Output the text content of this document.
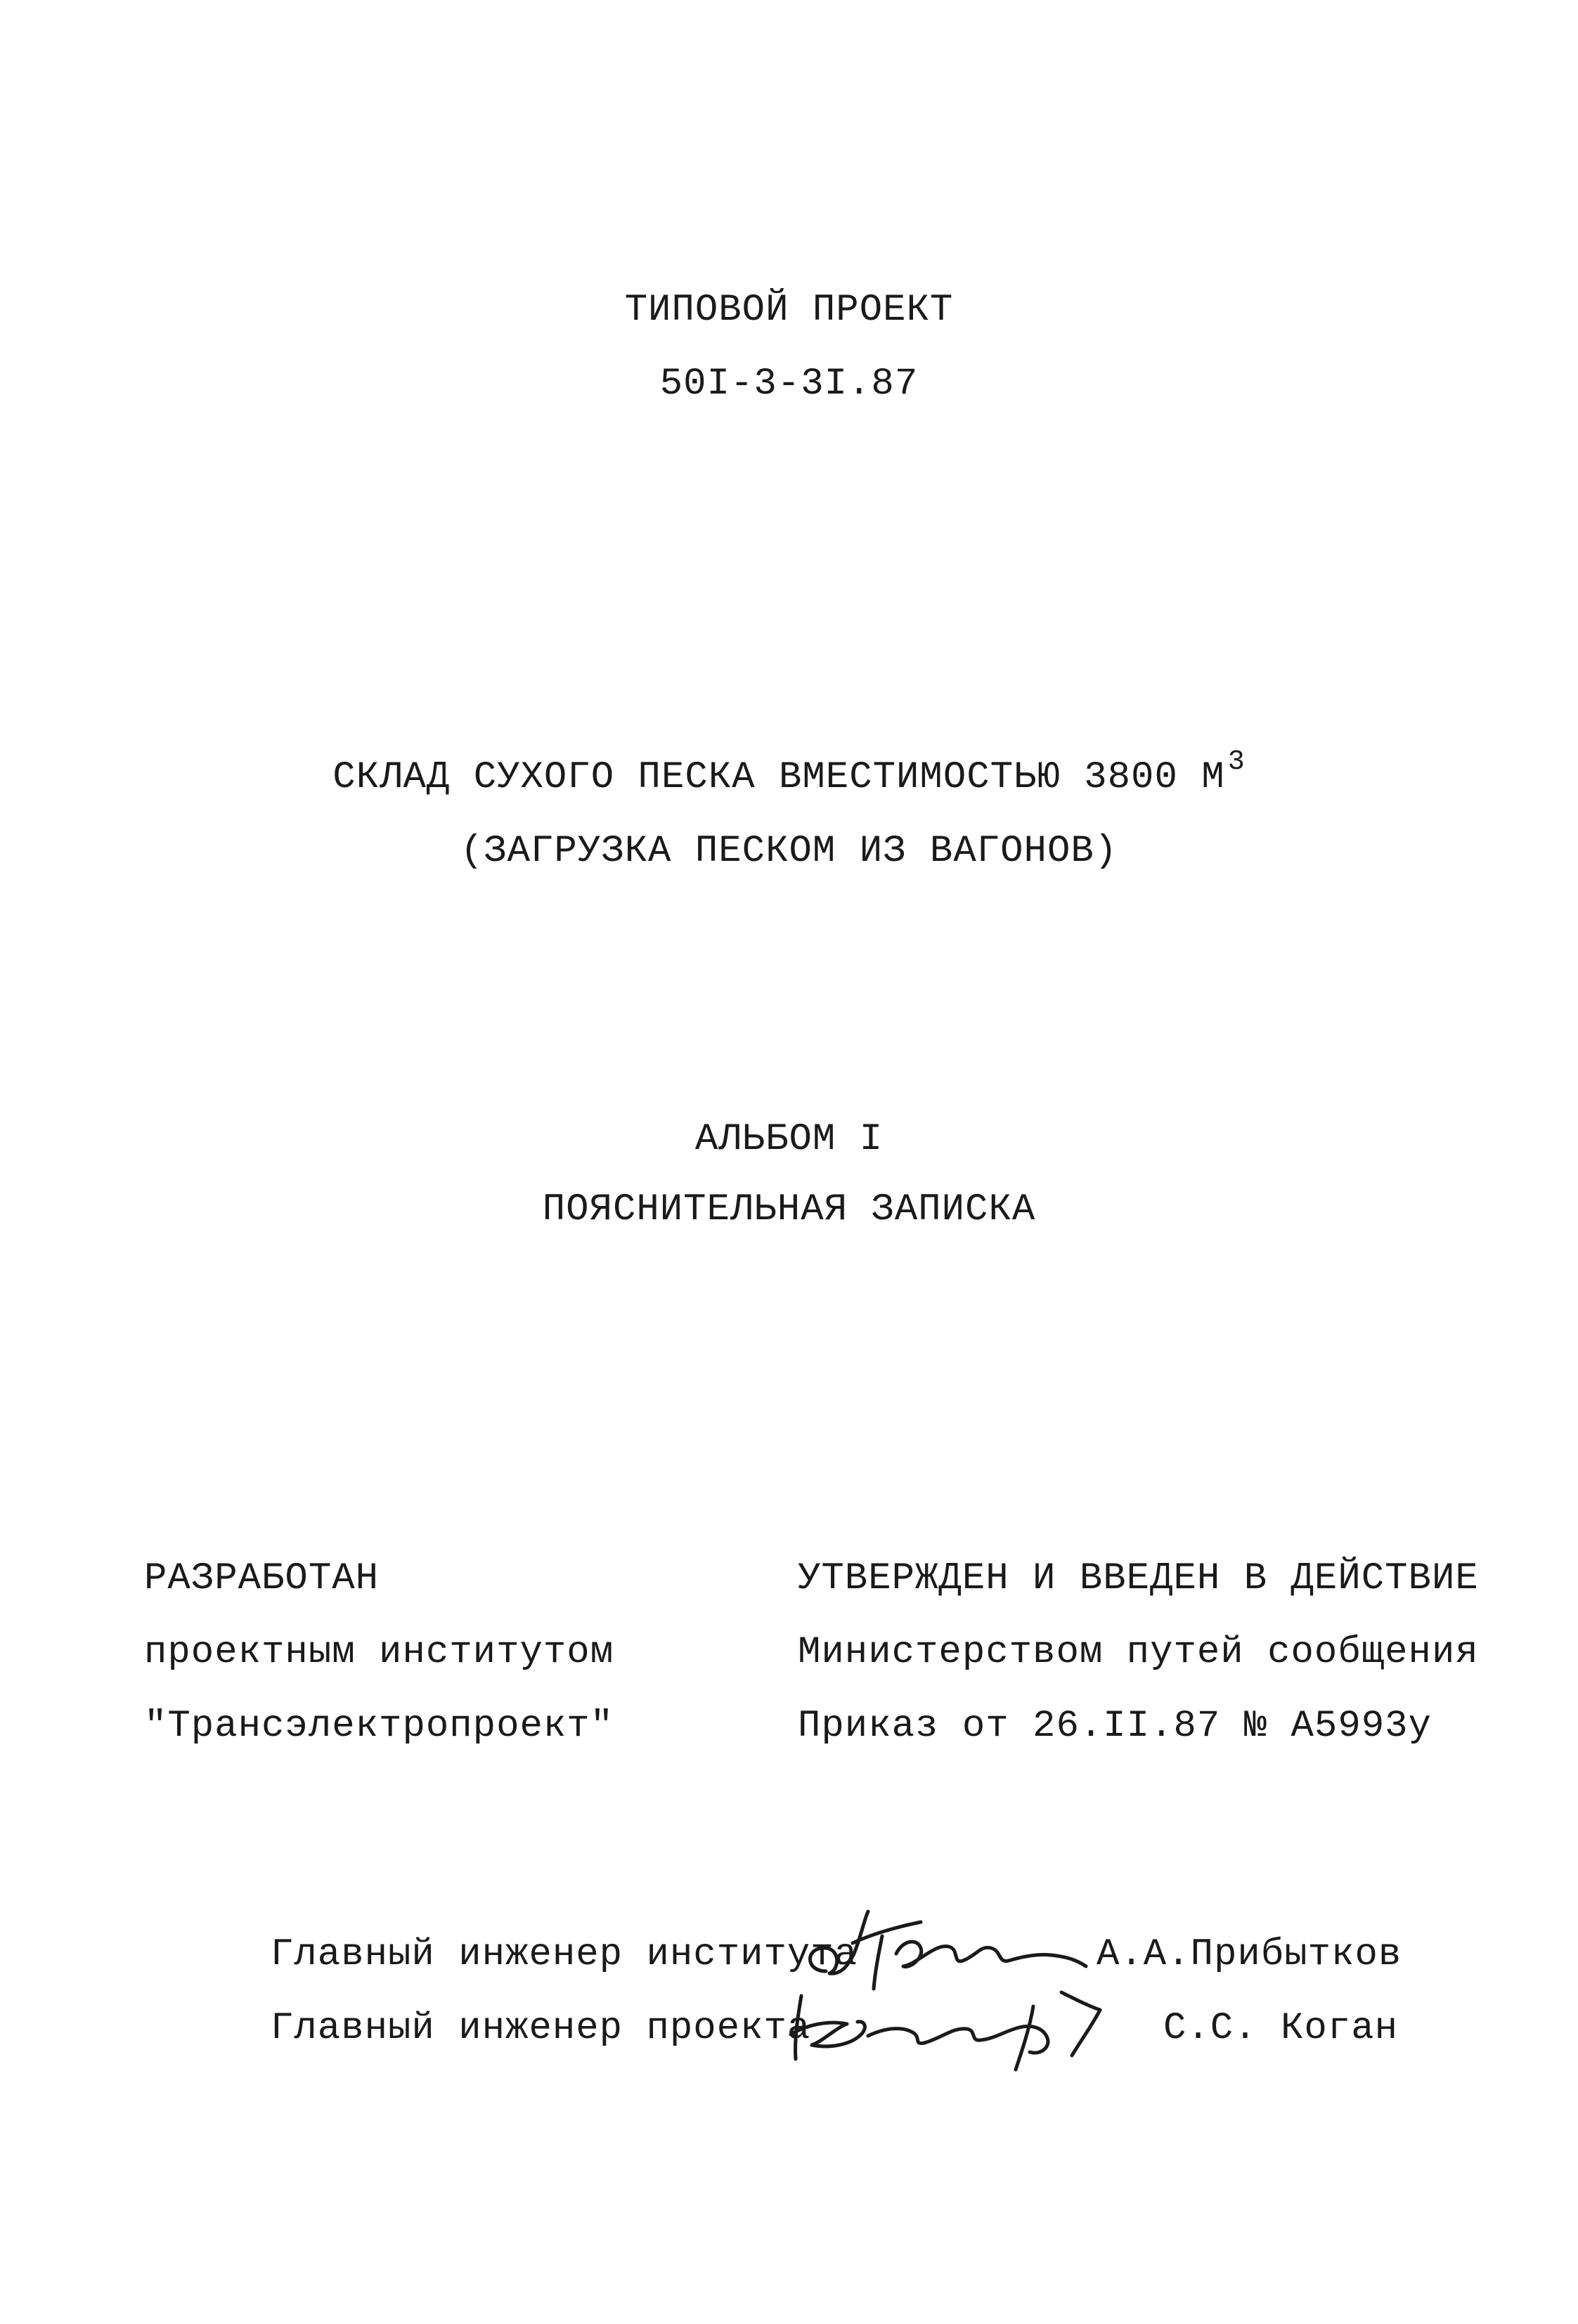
ТИПОВОЙ ПРОЕКТ
50I-3-3I.87
СКЛАД СУХОГО ПЕСКА ВМЕСТИМОСТЬЮ 3800 М $^3$
(ЗАГРУЗКА ПЕСКОМ ИЗ ВАГОНОВ)
АЛЬБОМ I
ПОЯСНИТЕЛЬНАЯ ЗАПИСКА
РАЗРАБОТАН
проектным институтом
"Трансэлектропроект"
УТВЕРЖДЕН И ВВЕДЕН В ДЕЙСТВИЕ
Министерством путей сообщения
Приказ от 26.II.87 № А5993у
Главный инженер института	А.А.Прибытков
Главный инженер проекта	С.С. Коган
